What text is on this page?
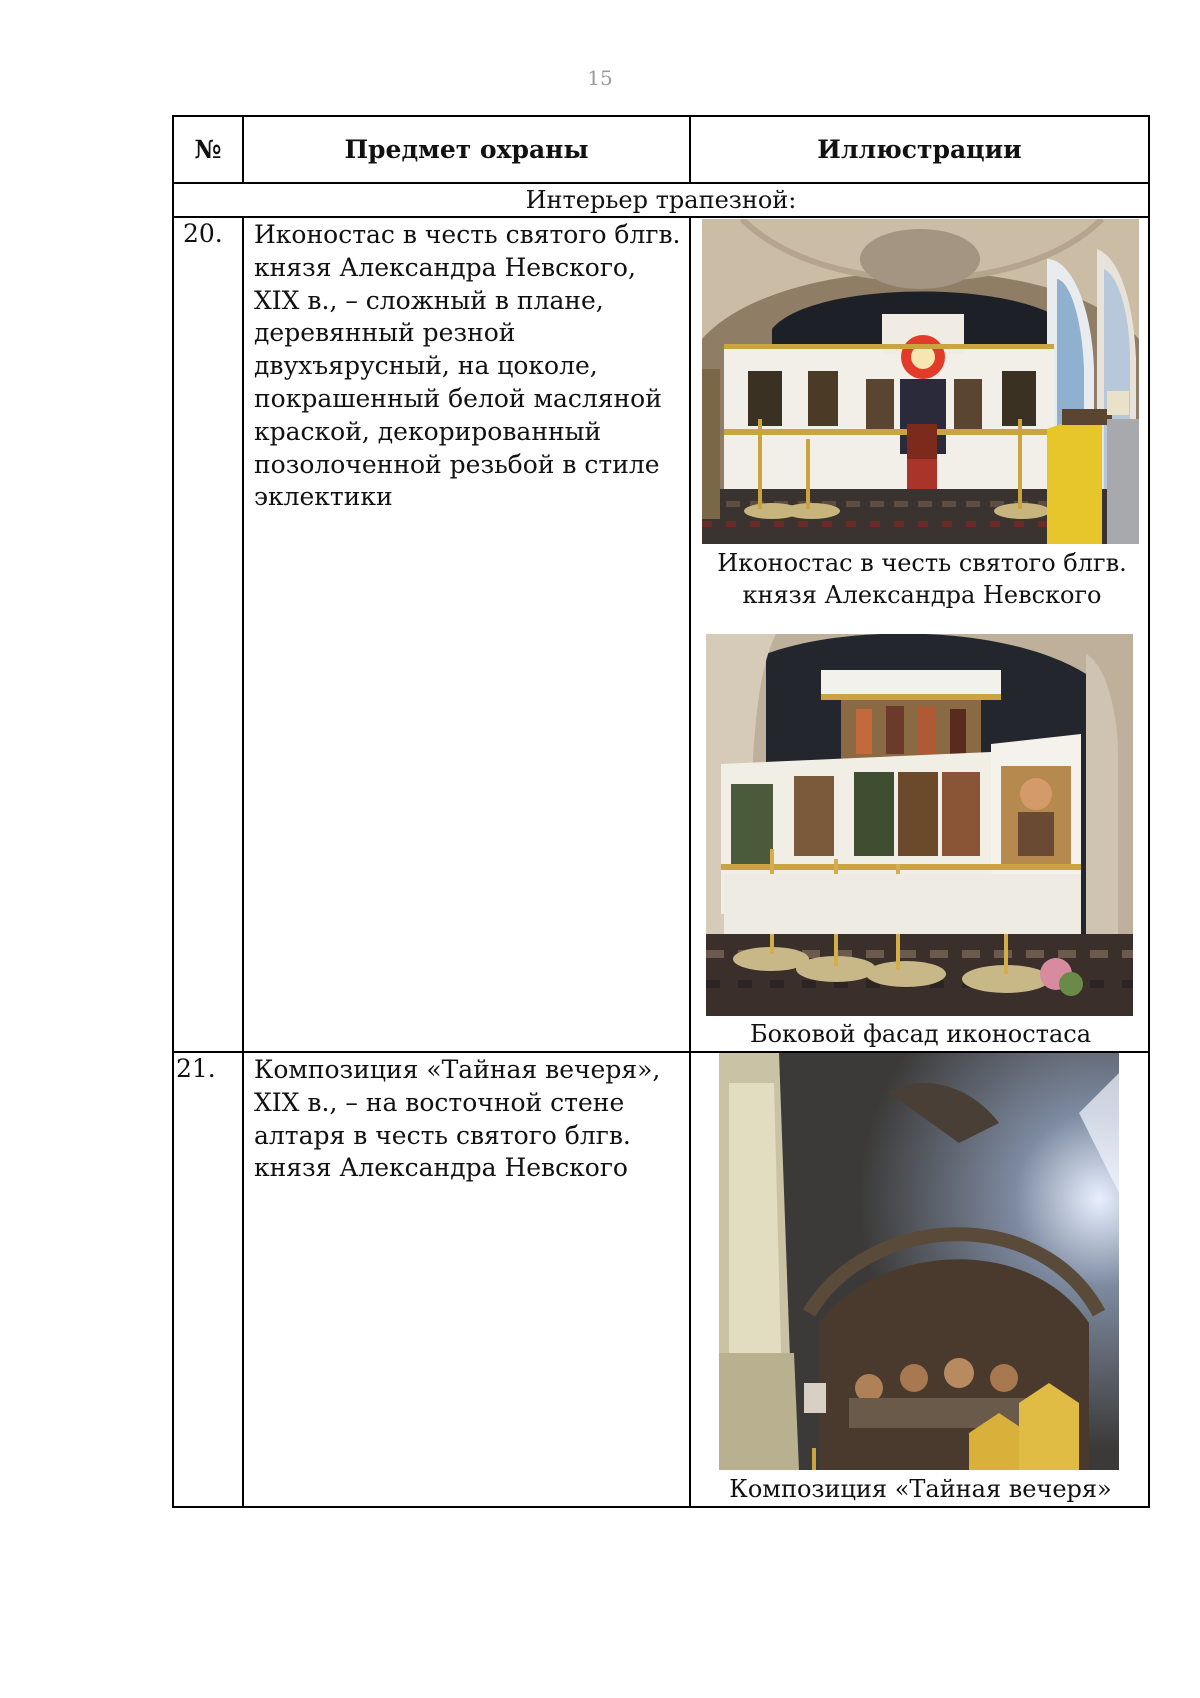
15
№	Предмет охраны	Иллюстрации
Интерьер трапезной:
20. Иконостас в честь святого блгв. князя Александра Невского, XIX в., – сложный в плане, деревянный резной двухъярусный, на цоколе, покрашенный белой масляной краской, декорированный позолоченной резьбой в стиле эклектики
Иконостас в честь святого блгв. князя Александра Невского
Боковой фасад иконостаса
21. Композиция «Тайная вечеря», XIX в., – на восточной стене алтаря в честь святого блгв. князя Александра Невского
Композиция «Тайная вечеря»
